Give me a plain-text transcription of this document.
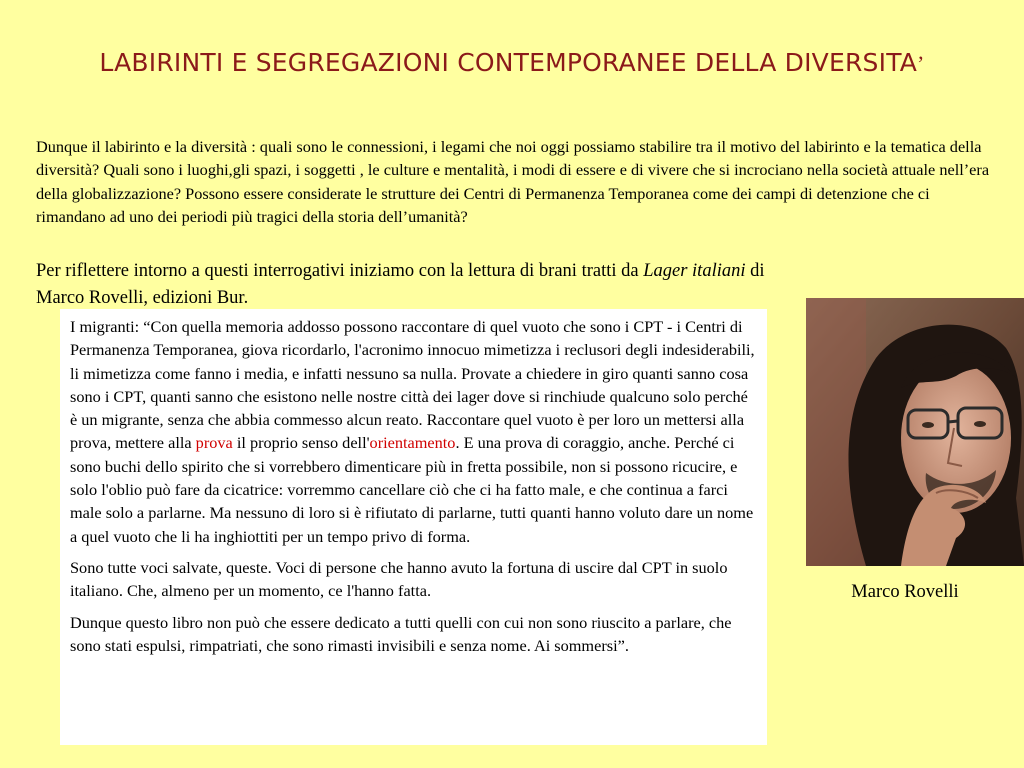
LABIRINTI E SEGREGAZIONI CONTEMPORANEE DELLA DIVERSITA’
Dunque il labirinto e la diversità : quali sono le connessioni, i legami che noi oggi possiamo stabilire tra il motivo del labirinto e la tematica della diversità? Quali sono i luoghi,gli spazi, i soggetti , le culture e mentalità, i modi di essere e di vivere che si incrociano nella società attuale nell’era della globalizzazione? Possono essere considerate le strutture dei Centri di Permanenza Temporanea come dei campi di detenzione che ci rimandano ad uno dei periodi più tragici della storia dell’umanità?
Per riflettere intorno a questi interrogativi iniziamo con la lettura di brani tratti da Lager italiani di Marco Rovelli, edizioni Bur.

I migranti: “Con quella memoria addosso possono raccontare di quel vuoto che sono i CPT - i Centri di Permanenza Temporanea, giova ricordarlo, l'acronimo innocuo mimetizza i reclusori degli indesiderabili, li mimetizza come fanno i media, e infatti nessuno sa nulla. Provate a chiedere in giro quanti sanno cosa sono i CPT, quanti sanno che esistono nelle nostre città dei lager dove si rinchiude qualcuno solo perché è un migrante, senza che abbia commesso alcun reato. Raccontare quel vuoto è per loro un mettersi alla prova, mettere alla prova il proprio senso dell'orientamento. E una prova di coraggio, anche. Perché ci sono buchi dello spirito che si vorrebbero dimenticare più in fretta possibile, non si possono ricucire, e solo l'oblio può fare da cicatrice: vorremmo cancellare ciò che ci ha fatto male, e che continua a farci male solo a parlarne. Ma nessuno di loro si è rifiutato di parlarne, tutti quanti hanno voluto dare un nome a quel vuoto che li ha inghiottiti per un tempo privo di forma.

Sono tutte voci salvate, queste. Voci di persone che hanno avuto la fortuna di uscire dal CPT in suolo italiano. Che, almeno per un momento, ce l'hanno fatta.

Dunque questo libro non può che essere dedicato a tutti quelli con cui non sono riuscito a parlare, che sono stati espulsi, rimpatriati, che sono rimasti invisibili e senza nome. Ai sommersi”.

Marco Rovelli
